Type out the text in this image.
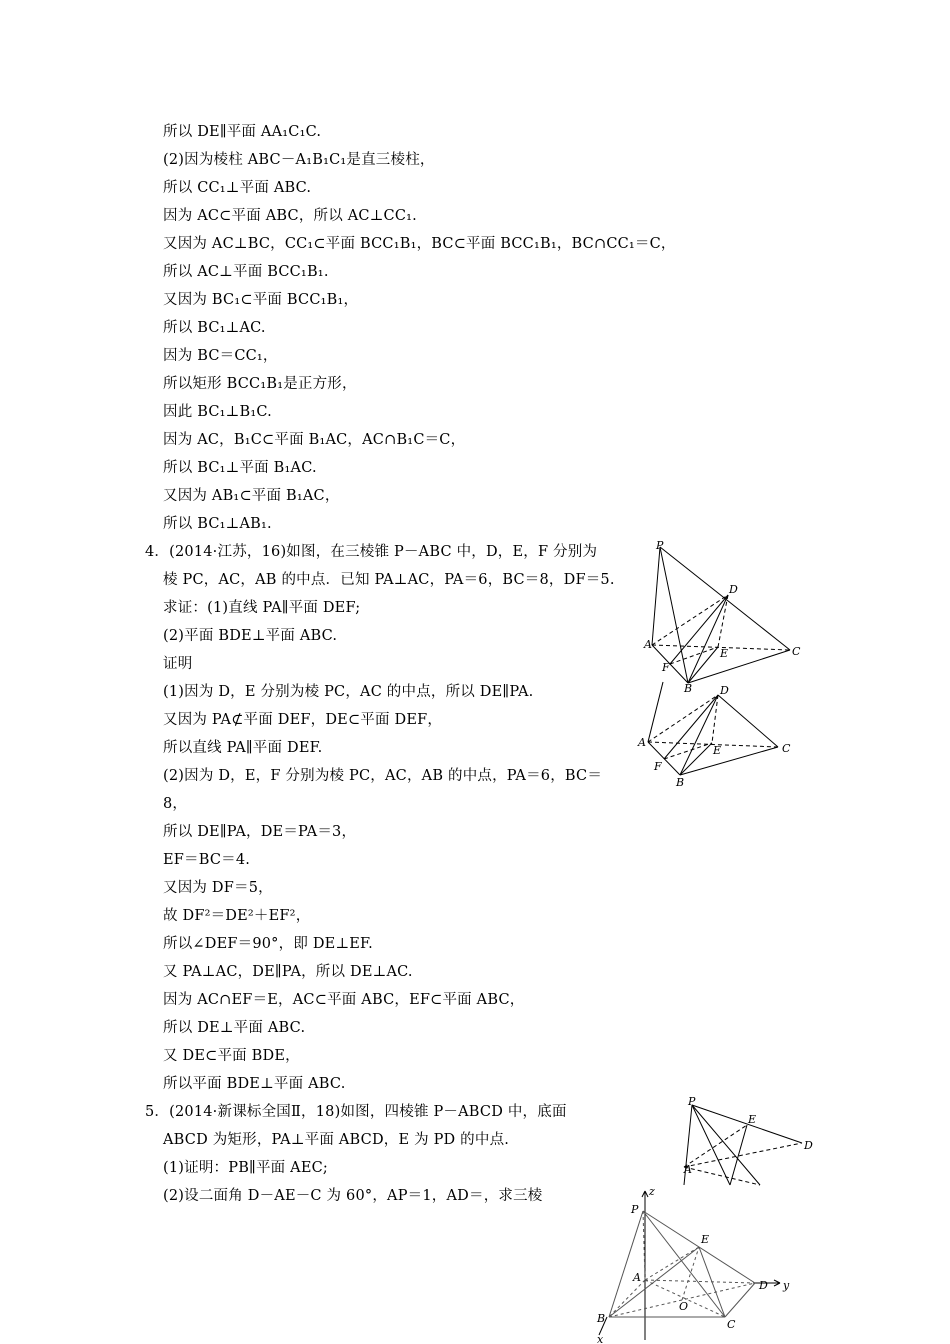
所以 DE∥平面 AA₁C₁C.
(2)因为棱柱 ABC－A₁B₁C₁是直三棱柱，
所以 CC₁⊥平面 ABC.
因为 AC⊂平面 ABC，所以 AC⊥CC₁.
又因为 AC⊥BC，CC₁⊂平面 BCC₁B₁，BC⊂平面 BCC₁B₁，BC∩CC₁＝C，
所以 AC⊥平面 BCC₁B₁.
又因为 BC₁⊂平面 BCC₁B₁，
所以 BC₁⊥AC.
因为 BC＝CC₁，
所以矩形 BCC₁B₁是正方形，
因此 BC₁⊥B₁C.
因为 AC，B₁C⊂平面 B₁AC，AC∩B₁C＝C，
所以 BC₁⊥平面 B₁AC.
又因为 AB₁⊂平面 B₁AC，
所以 BC₁⊥AB₁.
4．(2014·江苏，16)如图，在三棱锥 P－ABC 中，D，E，F 分别为
棱 PC，AC，AB 的中点．已知 PA⊥AC，PA＝6，BC＝8，DF＝5.
求证：(1)直线 PA∥平面 DEF;
(2)平面 BDE⊥平面 ABC.
证明
(1)因为 D，E 分别为棱 PC，AC 的中点，所以 DE∥PA.
又因为 PA⊄平面 DEF，DE⊂平面 DEF，
所以直线 PA∥平面 DEF.
(2)因为 D，E，F 分别为棱 PC，AC，AB 的中点，PA＝6，BC＝
8，
所以 DE∥PA，DE＝PA＝3，
EF＝BC＝4.
又因为 DF＝5，
故 DF²＝DE²＋EF²，
所以∠DEF＝90°，即 DE⊥EF.
又 PA⊥AC，DE∥PA，所以 DE⊥AC.
因为 AC∩EF＝E，AC⊂平面 ABC，EF⊂平面 ABC，
所以 DE⊥平面 ABC.
又 DE⊂平面 BDE，
所以平面 BDE⊥平面 ABC.
5．(2014·新课标全国Ⅱ，18)如图，四棱锥 P－ABCD 中，底面
ABCD 为矩形，PA⊥平面 ABCD，E 为 PD 的中点.
(1)证明：PB∥平面 AEC;
(2)设二面角 D－AE－C 为 60°，AP＝1，AD＝，求三棱
P
A
B
C
D
E
F
A
B
C
D
E
F
P
A
E
D
z
P
E
A
D y
O
B	C
x
